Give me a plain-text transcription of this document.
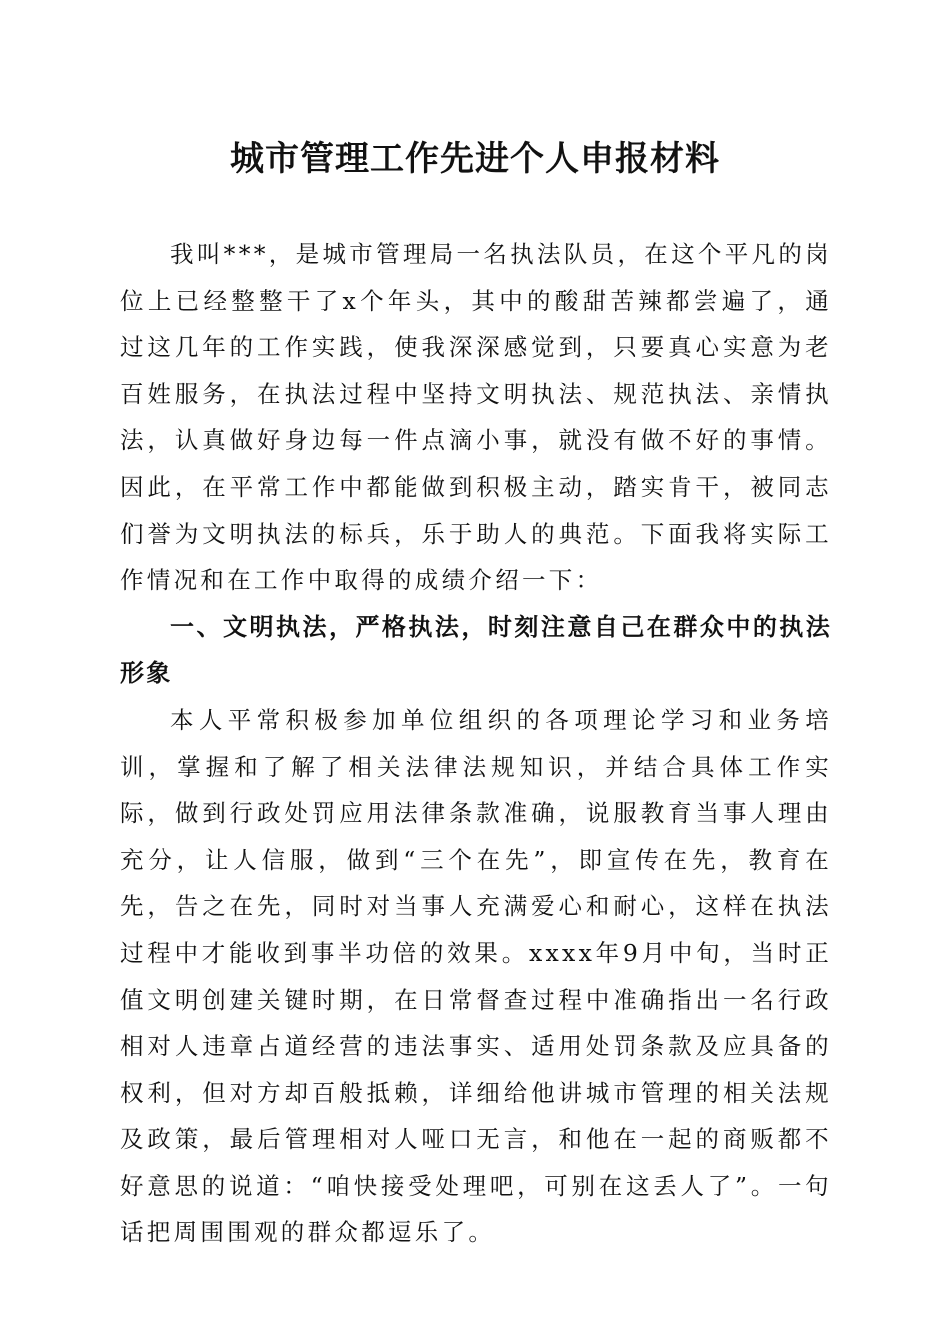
城市管理工作先进个人申报材料

我叫***，是城市管理局一名执法队员，在这个平凡的岗位上已经整整干了x个年头，其中的酸甜苦辣都尝遍了，通过这几年的工作实践，使我深深感觉到，只要真心实意为老百姓服务，在执法过程中坚持文明执法、规范执法、亲情执法，认真做好身边每一件点滴小事，就没有做不好的事情。因此，在平常工作中都能做到积极主动，踏实肯干，被同志们誉为文明执法的标兵，乐于助人的典范。下面我将实际工作情况和在工作中取得的成绩介绍一下：

一、文明执法，严格执法，时刻注意自己在群众中的执法形象

本人平常积极参加单位组织的各项理论学习和业务培训，掌握和了解了相关法律法规知识，并结合具体工作实际，做到行政处罚应用法律条款准确，说服教育当事人理由充分，让人信服，做到“三个在先”，即宣传在先，教育在先，告之在先，同时对当事人充满爱心和耐心，这样在执法过程中才能收到事半功倍的效果。xxxx年9月中旬，当时正值文明创建关键时期，在日常督查过程中准确指出一名行政相对人违章占道经营的违法事实、适用处罚条款及应具备的权利，但对方却百般抵赖，详细给他讲城市管理的相关法规及政策，最后管理相对人哑口无言，和他在一起的商贩都不好意思的说道：“咱快接受处理吧，可别在这丢人了”。一句话把周围围观的群众都逗乐了。
